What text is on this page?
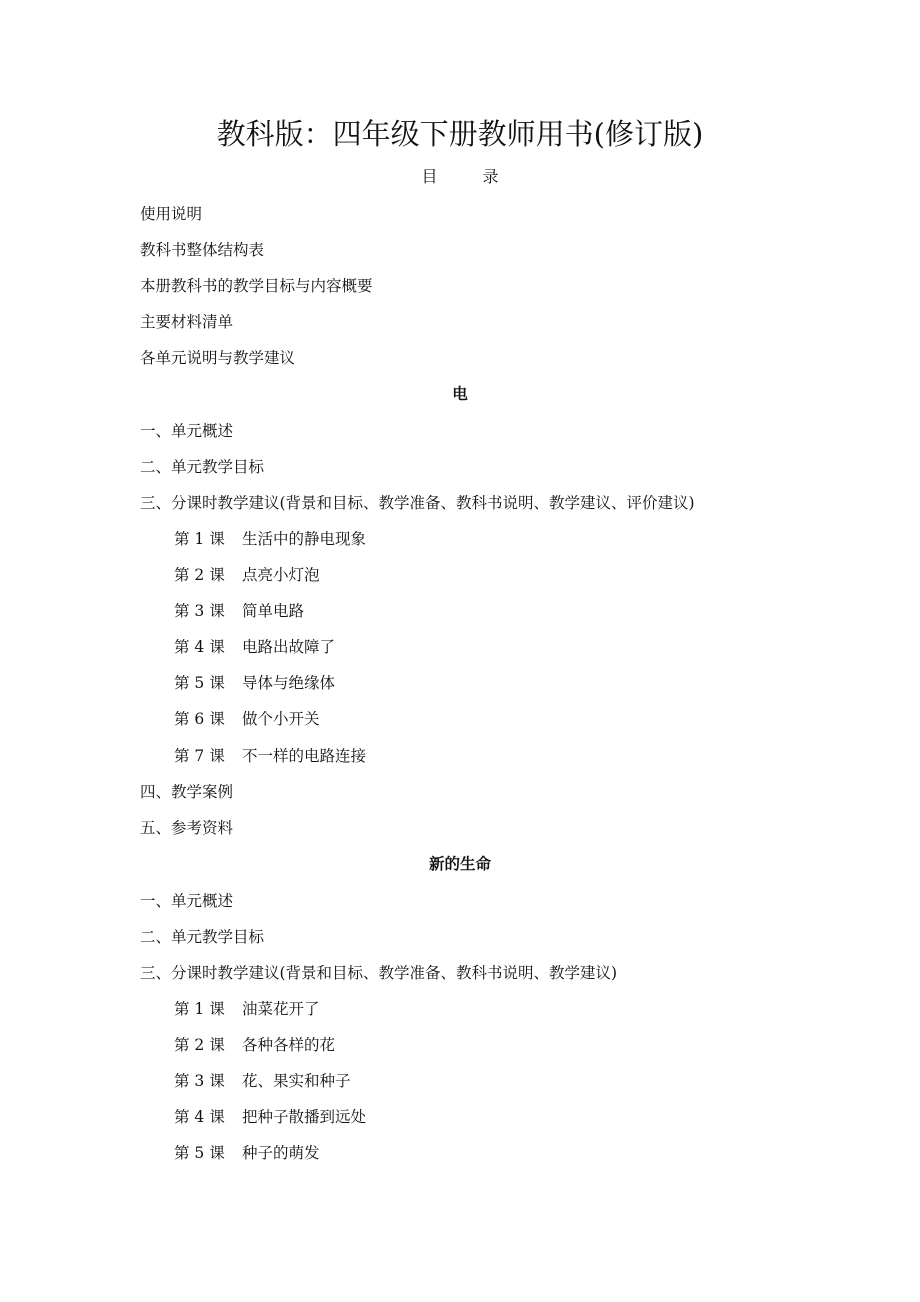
教科版：四年级下册教师用书(修订版)
目 录
使用说明
教科书整体结构表
本册教科书的教学目标与内容概要
主要材料清单
各单元说明与教学建议
电
一、单元概述
二、单元教学目标
三、分课时教学建议(背景和目标、教学准备、教科书说明、教学建议、评价建议)
第 1 课 生活中的静电现象
第 2 课 点亮小灯泡
第 3 课 简单电路
第 4 课 电路出故障了
第 5 课 导体与绝缘体
第 6 课 做个小开关
第 7 课 不一样的电路连接
四、教学案例
五、参考资料
新的生命
一、单元概述
二、单元教学目标
三、分课时教学建议(背景和目标、教学准备、教科书说明、教学建议)
第 1 课 油菜花开了
第 2 课 各种各样的花
第 3 课 花、果实和种子
第 4 课 把种子散播到远处
第 5 课 种子的萌发
